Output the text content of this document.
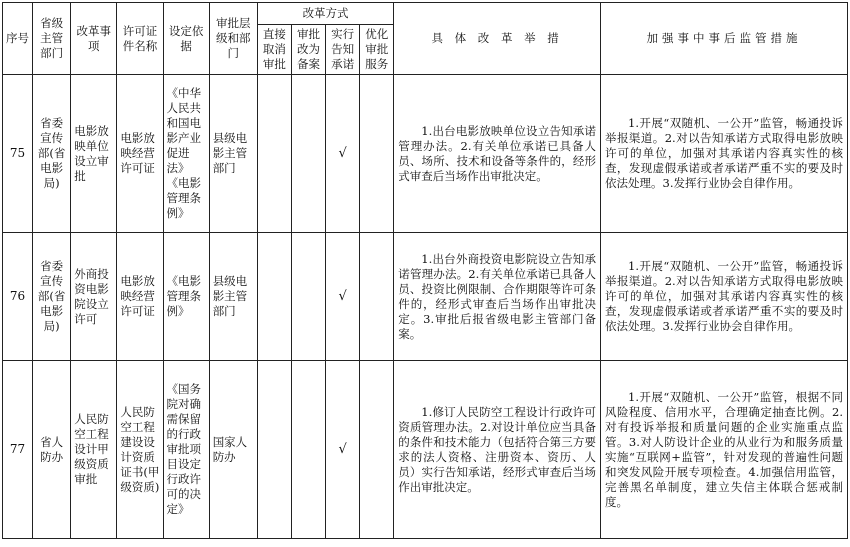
序号	省级主管部门	改革事项	许可证件名称	设定依据	审批层级和部门	改革方式				具 体 改 革 举 措	加强事中事后监管措施
						直接取消审批	审批改为备案	实行告知承诺	优化审批服务		
75	省委宣传部(省电影局)	电影放映单位设立审批	电影放映经营许可证	《中华人民共和国电影产业促进法》《电影管理条例》	县级电影主管部门			√		1.出台电影放映单位设立告知承诺管理办法。2.有关单位承诺已具备人员、场所、技术和设备等条件的，经形式审查后当场作出审批决定。	1.开展“双随机、一公开”监管，畅通投诉举报渠道。2.对以告知承诺方式取得电影放映许可的单位，加强对其承诺内容真实性的核查，发现虚假承诺或者承诺严重不实的要及时依法处理。3.发挥行业协会自律作用。
76	省委宣传部(省电影局)	外商投资电影院设立许可	电影放映经营许可证	《电影管理条例》	县级电影主管部门			√		1.出台外商投资电影院设立告知承诺管理办法。2.有关单位承诺已具备人员、投资比例限制、合作期限等许可条件的，经形式审查后当场作出审批决定。3.审批后报省级电影主管部门备案。	1.开展“双随机、一公开”监管，畅通投诉举报渠道。2.对以告知承诺方式取得电影放映许可的单位，加强对其承诺内容真实性的核查，发现虚假承诺或者承诺严重不实的要及时依法处理。3.发挥行业协会自律作用。
77	省人防办	人民防空工程设计甲级资质审批	人民防空工程建设设计资质证书(甲级资质)	《国务院对确需保留的行政审批项目设定行政许可的决定》	国家人防办			√		1.修订人民防空工程设计行政许可资质管理办法。2.对设计单位应当具备的条件和技术能力（包括符合第三方要求的法人资格、注册资本、资历、人员）实行告知承诺，经形式审查后当场作出审批决定。	1.开展“双随机、一公开”监管，根据不同风险程度、信用水平，合理确定抽查比例。2.对有投诉举报和质量问题的企业实施重点监管。3.对人防设计企业的从业行为和服务质量实施“互联网+监管”，针对发现的普遍性问题和突发风险开展专项检查。4.加强信用监管，完善黑名单制度，建立失信主体联合惩戒制度。
